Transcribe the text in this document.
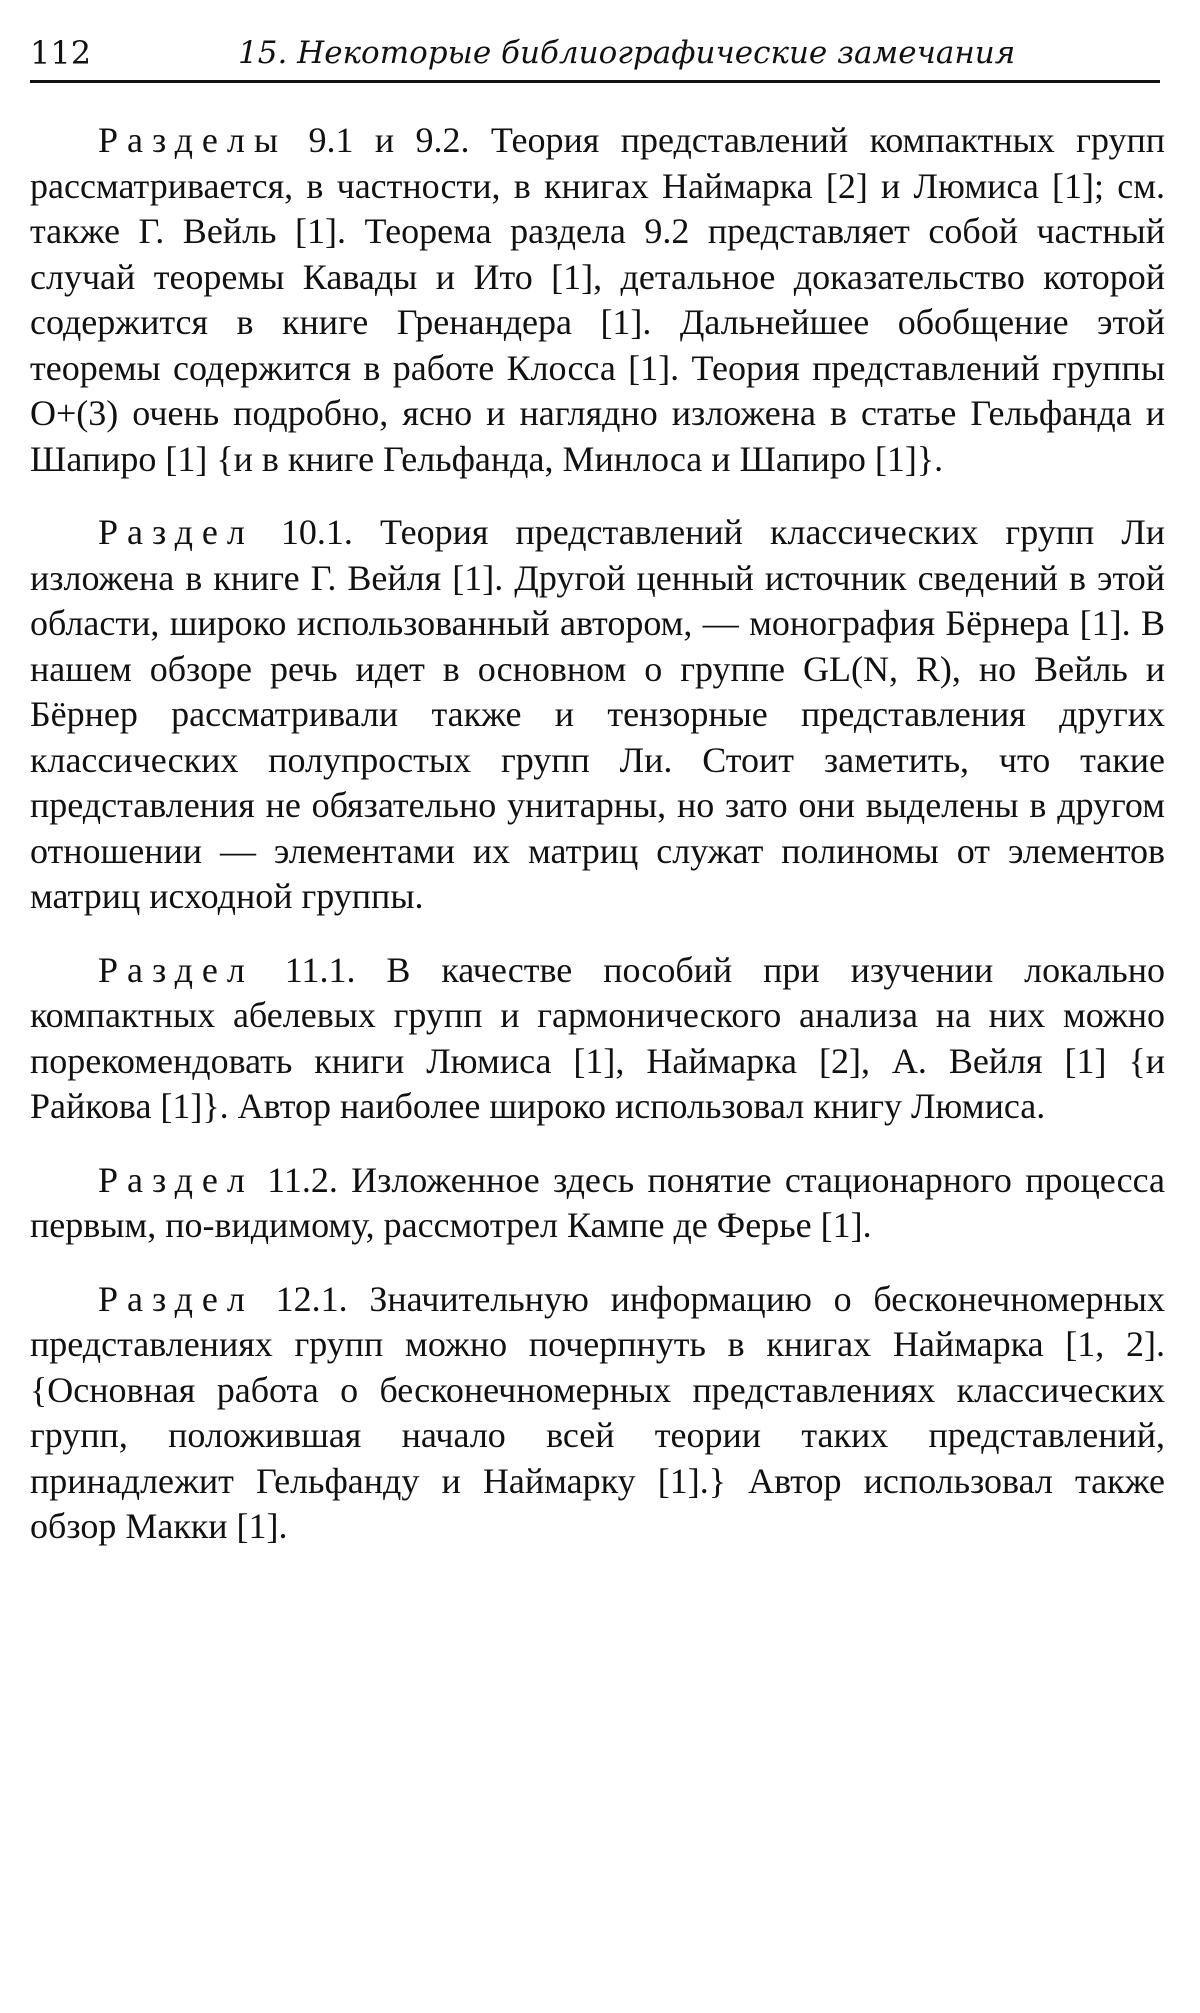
112	15. Некоторые библиографические замечания

Разделы 9.1 и 9.2. Теория представлений компактных групп рассматривается, в частности, в книгах Наймарка [2] и Люмиса [1]; см. также Г. Вейль [1]. Теорема раздела 9.2 представляет собой частный случай теоремы Кавады и Ито [1], детальное доказательство которой содержится в книге Гренандера [1]. Дальнейшее обобщение этой теоремы содержится в работе Клосса [1]. Теория представлений группы O+(3) очень подробно, ясно и наглядно изложена в статье Гельфанда и Шапиро [1] {и в книге Гельфанда, Минлоса и Шапиро [1]}.

Раздел 10.1. Теория представлений классических групп Ли изложена в книге Г. Вейля [1]. Другой ценный источник сведений в этой области, широко использованный автором, — монография Бёрнера [1]. В нашем обзоре речь идет в основном о группе GL(N, R), но Вейль и Бёрнер рассматривали также и тензорные представления других классических полупростых групп Ли. Стоит заметить, что такие представления не обязательно унитарны, но зато они выделены в другом отношении — элементами их матриц служат полиномы от элементов матриц исходной группы.

Раздел 11.1. В качестве пособий при изучении локально компактных абелевых групп и гармонического анализа на них можно порекомендовать книги Люмиса [1], Наймарка [2], А. Вейля [1] {и Райкова [1]}. Автор наиболее широко использовал книгу Люмиса.

Раздел 11.2. Изложенное здесь понятие стационарного процесса первым, по-видимому, рассмотрел Кампе де Ферье [1].

Раздел 12.1. Значительную информацию о бесконечномерных представлениях групп можно почерпнуть в книгах Наймарка [1, 2]. {Основная работа о бесконечномерных представлениях классических групп, положившая начало всей теории таких представлений, принадлежит Гельфанду и Наймарку [1].} Автор использовал также обзор Макки [1].
